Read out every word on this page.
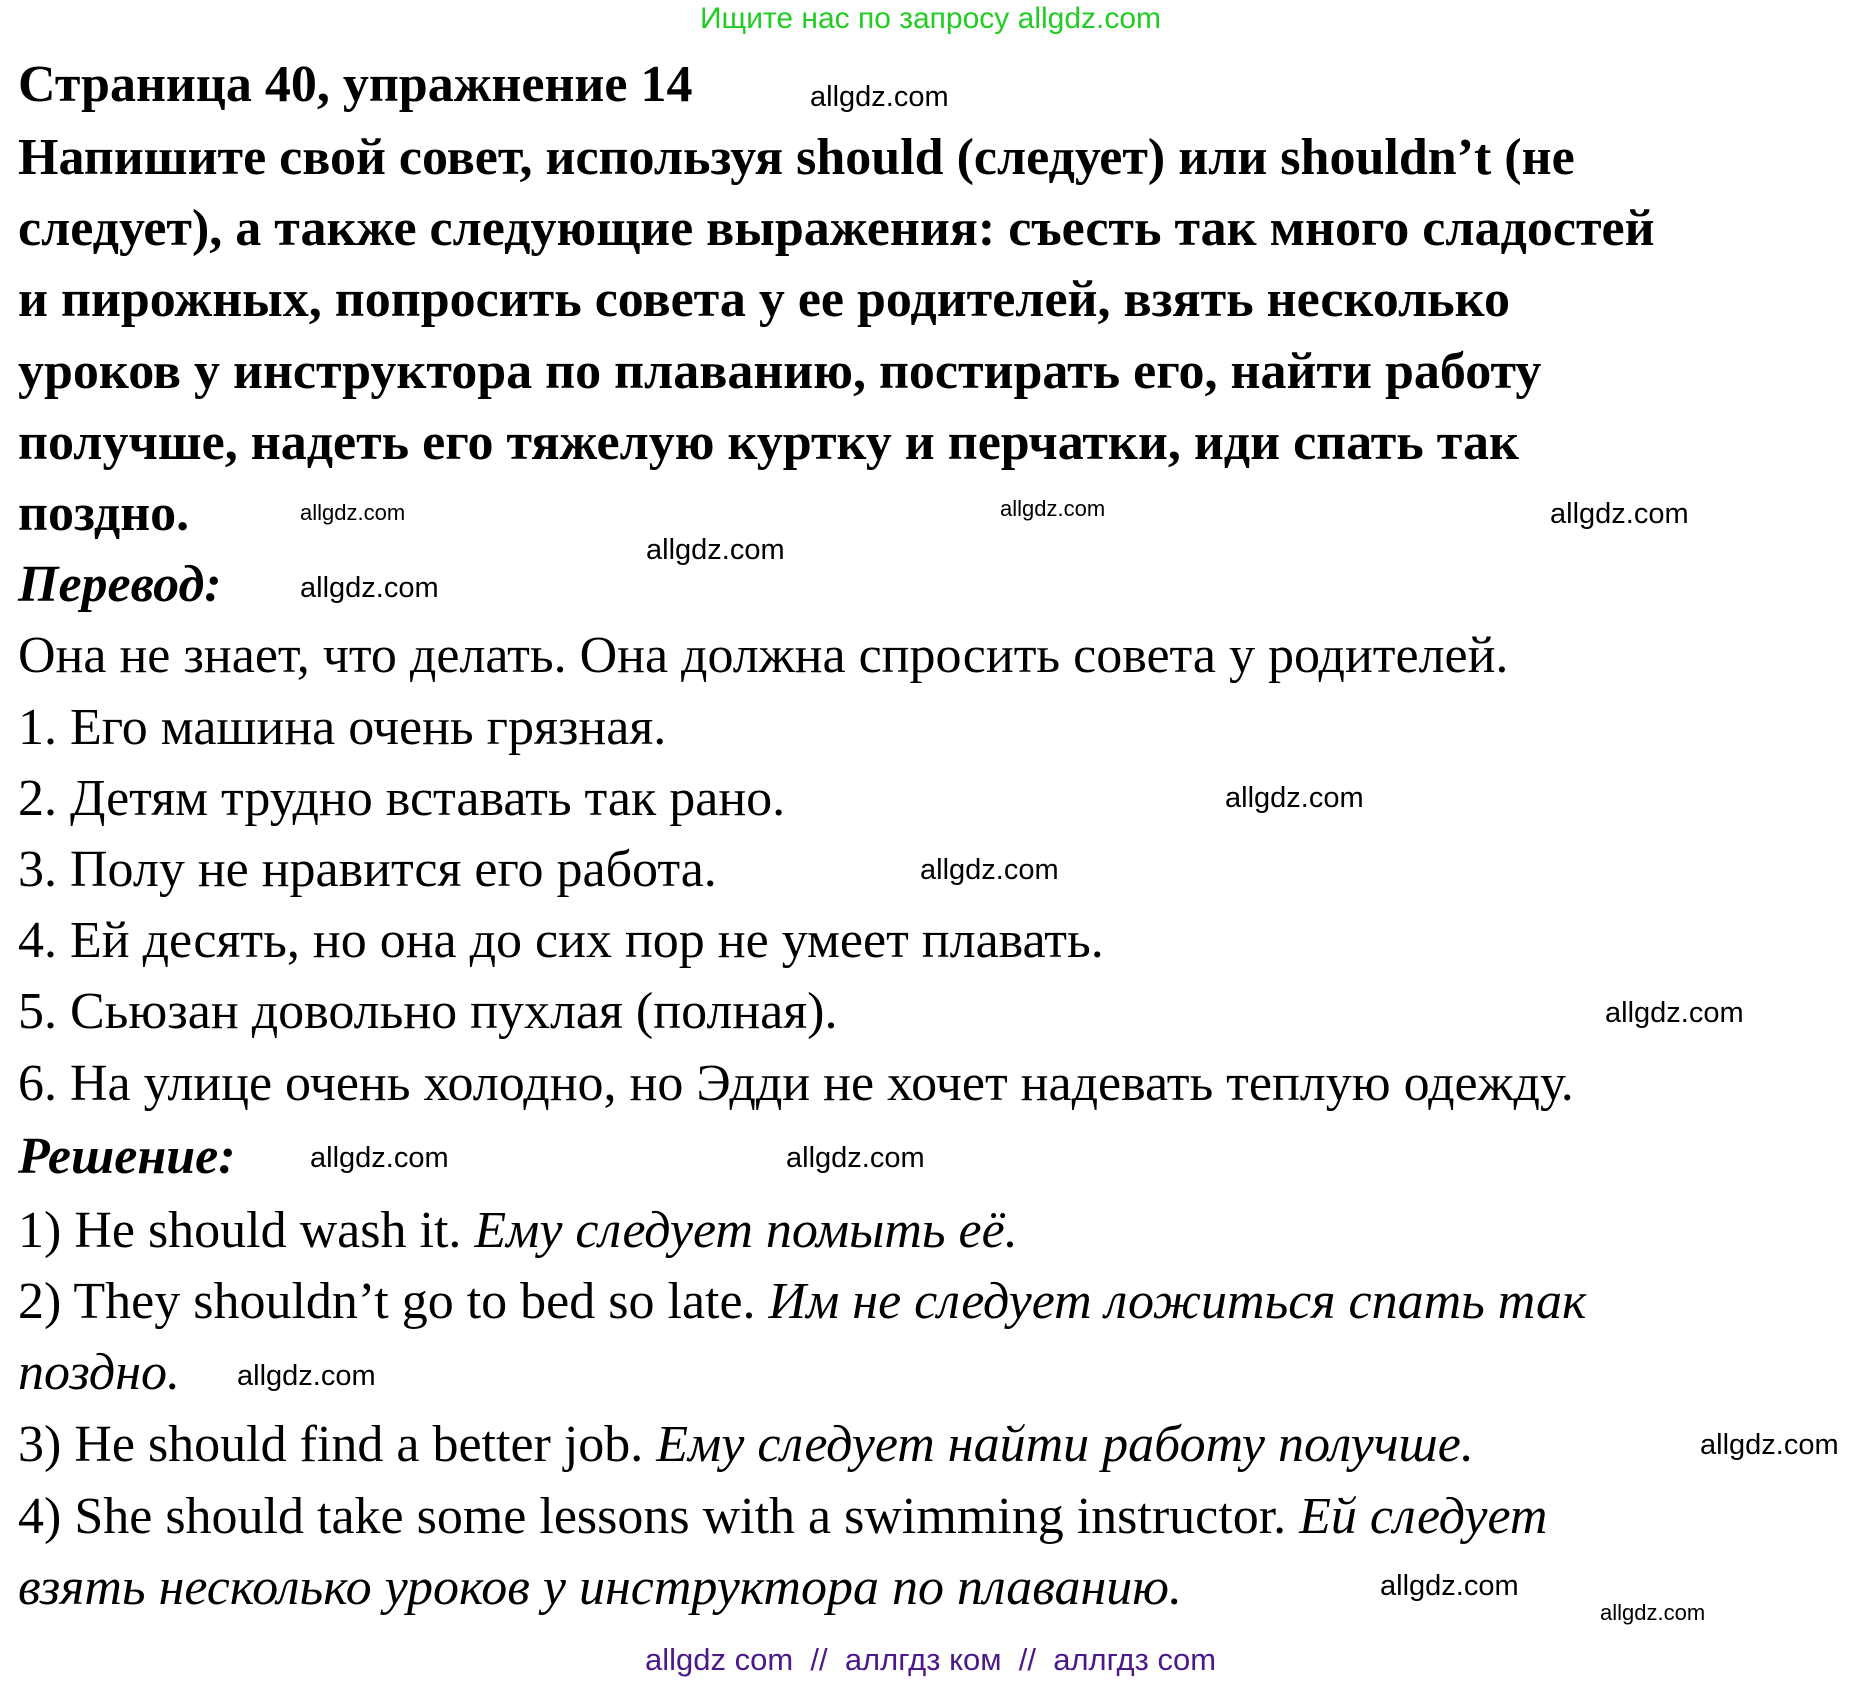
Ищите нас по запросу allgdz.com
Страница 40, упражнение 14
Напишите свой совет, используя should (следует) или shouldn’t (не
следует), а также следующие выражения: съесть так много сладостей
и пирожных, попросить совета у ее родителей, взять несколько
уроков у инструктора по плаванию, постирать его, найти работу
получше, надеть его тяжелую куртку и перчатки, иди спать так
поздно.
Перевод:
Она не знает, что делать. Она должна спросить совета у родителей.
1. Его машина очень грязная.
2. Детям трудно вставать так рано.
3. Полу не нравится его работа.
4. Ей десять, но она до сих пор не умеет плавать.
5. Сьюзан довольно пухлая (полная).
6. На улице очень холодно, но Эдди не хочет надевать теплую одежду.
Решение:
1) He should wash it. Ему следует помыть её.
2) They shouldn’t go to bed so late. Им не следует ложиться спать так
поздно.
3) He should find a better job. Ему следует найти работу получше.
4) She should take some lessons with a swimming instructor. Ей следует
взять несколько уроков у инструктора по плаванию.
allgdz.com
allgdz.com	allgdz.com	allgdz.com
allgdz.com
allgdz.com
allgdz.com
allgdz.com
allgdz.com
allgdz.com	allgdz.com
allgdz.com
allgdz.com
allgdz.com
allgdz.com
allgdz com  //  аллгдз ком  //  аллгдз com
